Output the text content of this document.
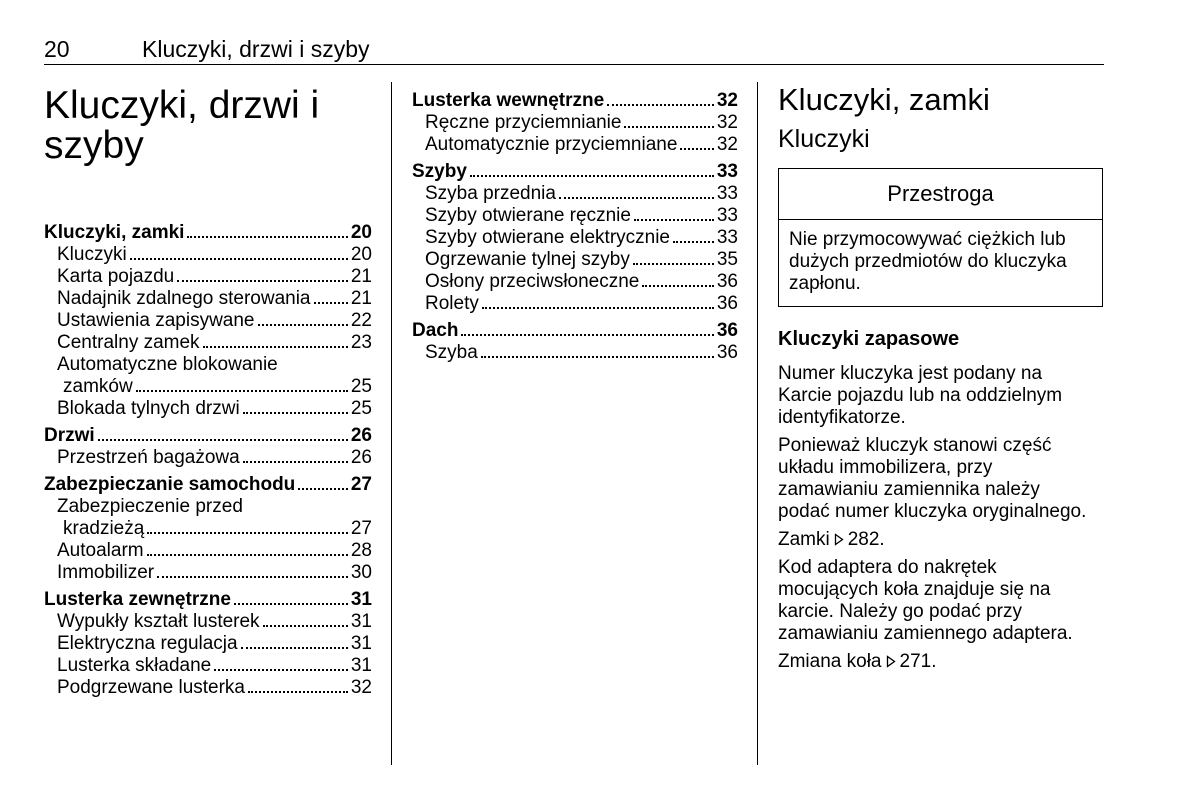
20	Kluczyki, drzwi i szyby
Kluczyki, drzwi i
szyby
Kluczyki, zamki	20
Kluczyki	20
Karta pojazdu	21
Nadajnik zdalnego sterowania 21
Ustawienia zapisywane	22
Centralny zamek	23
Automatyczne blokowanie
zamków	25
Blokada tylnych drzwi	25
Drzwi	26
Przestrzeń bagażowa	26
Zabezpieczanie samochodu	27
Zabezpieczenie przed
kradzieżą	27
Autoalarm	28
Immobilizer	30
Lusterka zewnętrzne	31
Wypukły kształt lusterek	31
Elektryczna regulacja	31
Lusterka składane	31
Podgrzewane lusterka	32
Lusterka wewnętrzne	32
Ręczne przyciemnianie	32
Automatycznie przyciemniane 32
Szyby	33
Szyba przednia	33
Szyby otwierane ręcznie	33
Szyby otwierane elektrycznie 33
Ogrzewanie tylnej szyby	35
Osłony przeciwsłoneczne	36
Rolety	36
Dach	36
Szyba	36
Kluczyki, zamki
Kluczyki
Przestroga
Nie przymocowywać ciężkich lub
dużych przedmiotów do kluczyka
zapłonu.
Kluczyki zapasowe

Numer kluczyka jest podany na
Karcie pojazdu lub na oddzielnym
identyfikatorze.

Ponieważ kluczyk stanowi część
układu immobilizera, przy
zamawianiu zamiennika należy
podać numer kluczyka oryginalnego.

Zamki 282.

Kod adaptera do nakrętek
mocujących koła znajduje się na
karcie. Należy go podać przy
zamawianiu zamiennego adaptera.

Zmiana koła 271.
